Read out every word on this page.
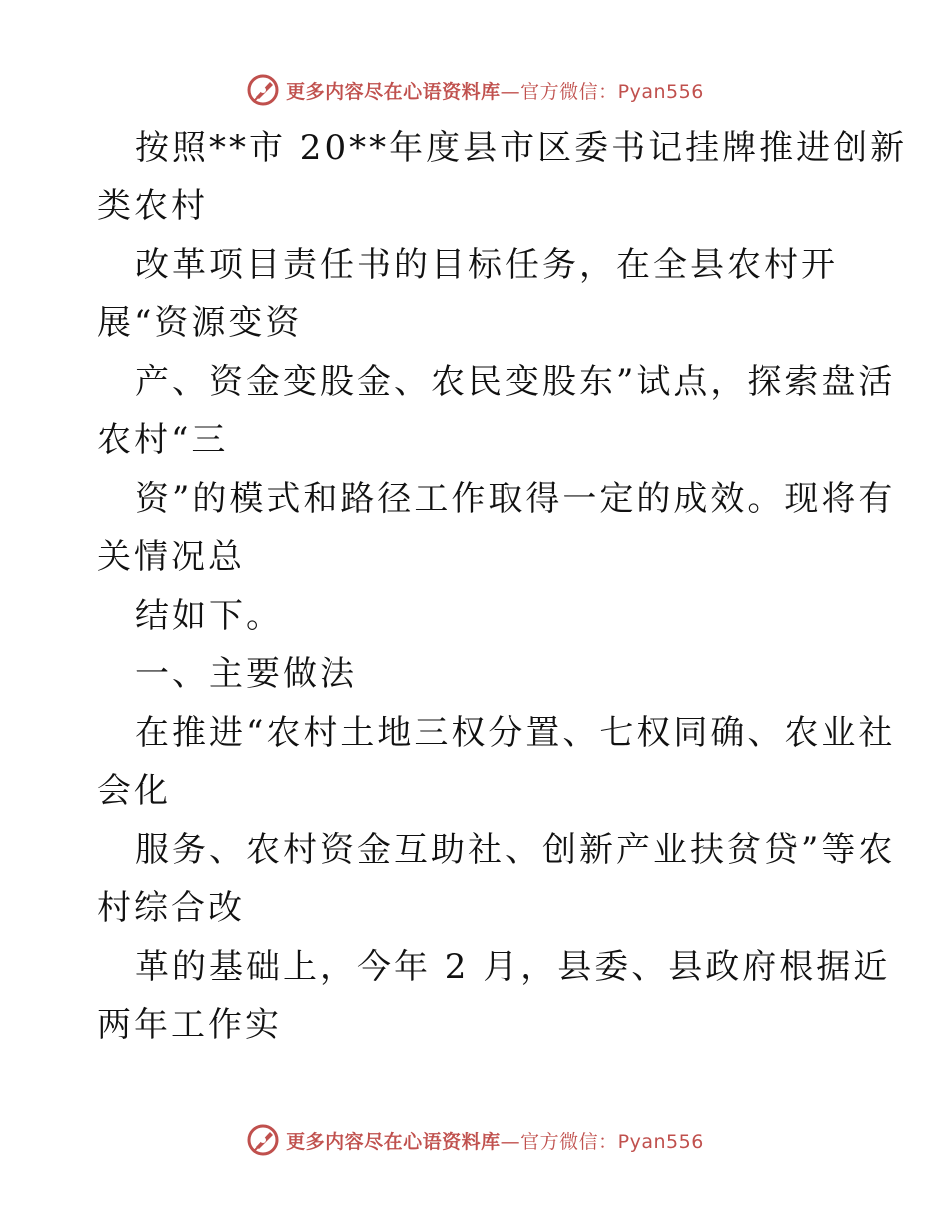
更多内容尽在心语资料库—官方微信：Pyan556
按照**市 20**年度县市区委书记挂牌推进创新
类农村
改革项目责任书的目标任务，在全县农村开
展“资源变资
产、资金变股金、农民变股东”试点，探索盘活
农村“三
资”的模式和路径工作取得一定的成效。现将有
关情况总
结如下。
一、主要做法
在推进“农村土地三权分置、七权同确、农业社
会化
服务、农村资金互助社、创新产业扶贫贷”等农
村综合改
革的基础上，今年 2 月，县委、县政府根据近
两年工作实
更多内容尽在心语资料库—官方微信：Pyan556
